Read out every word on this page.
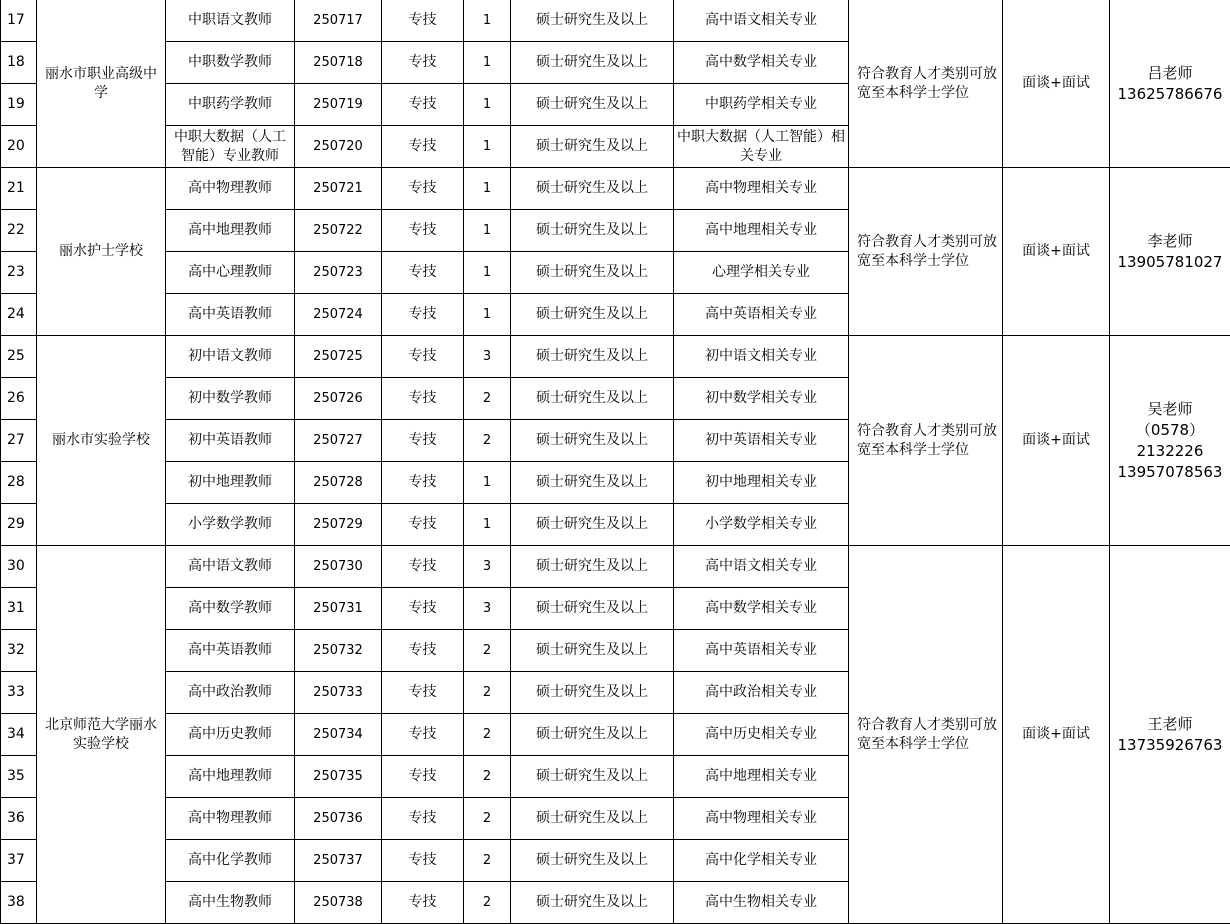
17	丽水市职业高级中学	中职语文教师	250717	专技	1	硕士研究生及以上	高中语文相关专业	符合教育人才类别可放宽至本科学士学位	面谈+面试	吕老师
13625786676

18		中职数学教师	250718	专技	1	硕士研究生及以上	高中数学相关专业			
19		中职药学教师	250719	专技	1	硕士研究生及以上	中职药学相关专业			
20		中职大数据（人工智能）专业教师	250720	专技	1	硕士研究生及以上	中职大数据（人工智能）相关专业			
21	丽水护士学校	高中物理教师	250721	专技	1	硕士研究生及以上	高中物理相关专业	符合教育人才类别可放宽至本科学士学位	面谈+面试	李老师
13905781027

22		高中地理教师	250722	专技	1	硕士研究生及以上	高中地理相关专业			
23		高中心理教师	250723	专技	1	硕士研究生及以上	心理学相关专业			
24		高中英语教师	250724	专技	1	硕士研究生及以上	高中英语相关专业			
25	丽水市实验学校	初中语文教师	250725	专技	3	硕士研究生及以上	初中语文相关专业	符合教育人才类别可放宽至本科学士学位	面谈+面试	吴老师
（0578）
2132226
13957078563

26		初中数学教师	250726	专技	2	硕士研究生及以上	初中数学相关专业			
27		初中英语教师	250727	专技	2	硕士研究生及以上	初中英语相关专业			
28		初中地理教师	250728	专技	1	硕士研究生及以上	初中地理相关专业			
29		小学数学教师	250729	专技	1	硕士研究生及以上	小学数学相关专业			
30	北京师范大学丽水实验学校	高中语文教师	250730	专技	3	硕士研究生及以上	高中语文相关专业	符合教育人才类别可放宽至本科学士学位	面谈+面试	王老师
13735926763

31		高中数学教师	250731	专技	3	硕士研究生及以上	高中数学相关专业			
32		高中英语教师	250732	专技	2	硕士研究生及以上	高中英语相关专业			
33		高中政治教师	250733	专技	2	硕士研究生及以上	高中政治相关专业			
34		高中历史教师	250734	专技	2	硕士研究生及以上	高中历史相关专业			
35		高中地理教师	250735	专技	2	硕士研究生及以上	高中地理相关专业			
36		高中物理教师	250736	专技	2	硕士研究生及以上	高中物理相关专业			
37		高中化学教师	250737	专技	2	硕士研究生及以上	高中化学相关专业			
38		高中生物教师	250738	专技	2	硕士研究生及以上	高中生物相关专业			
